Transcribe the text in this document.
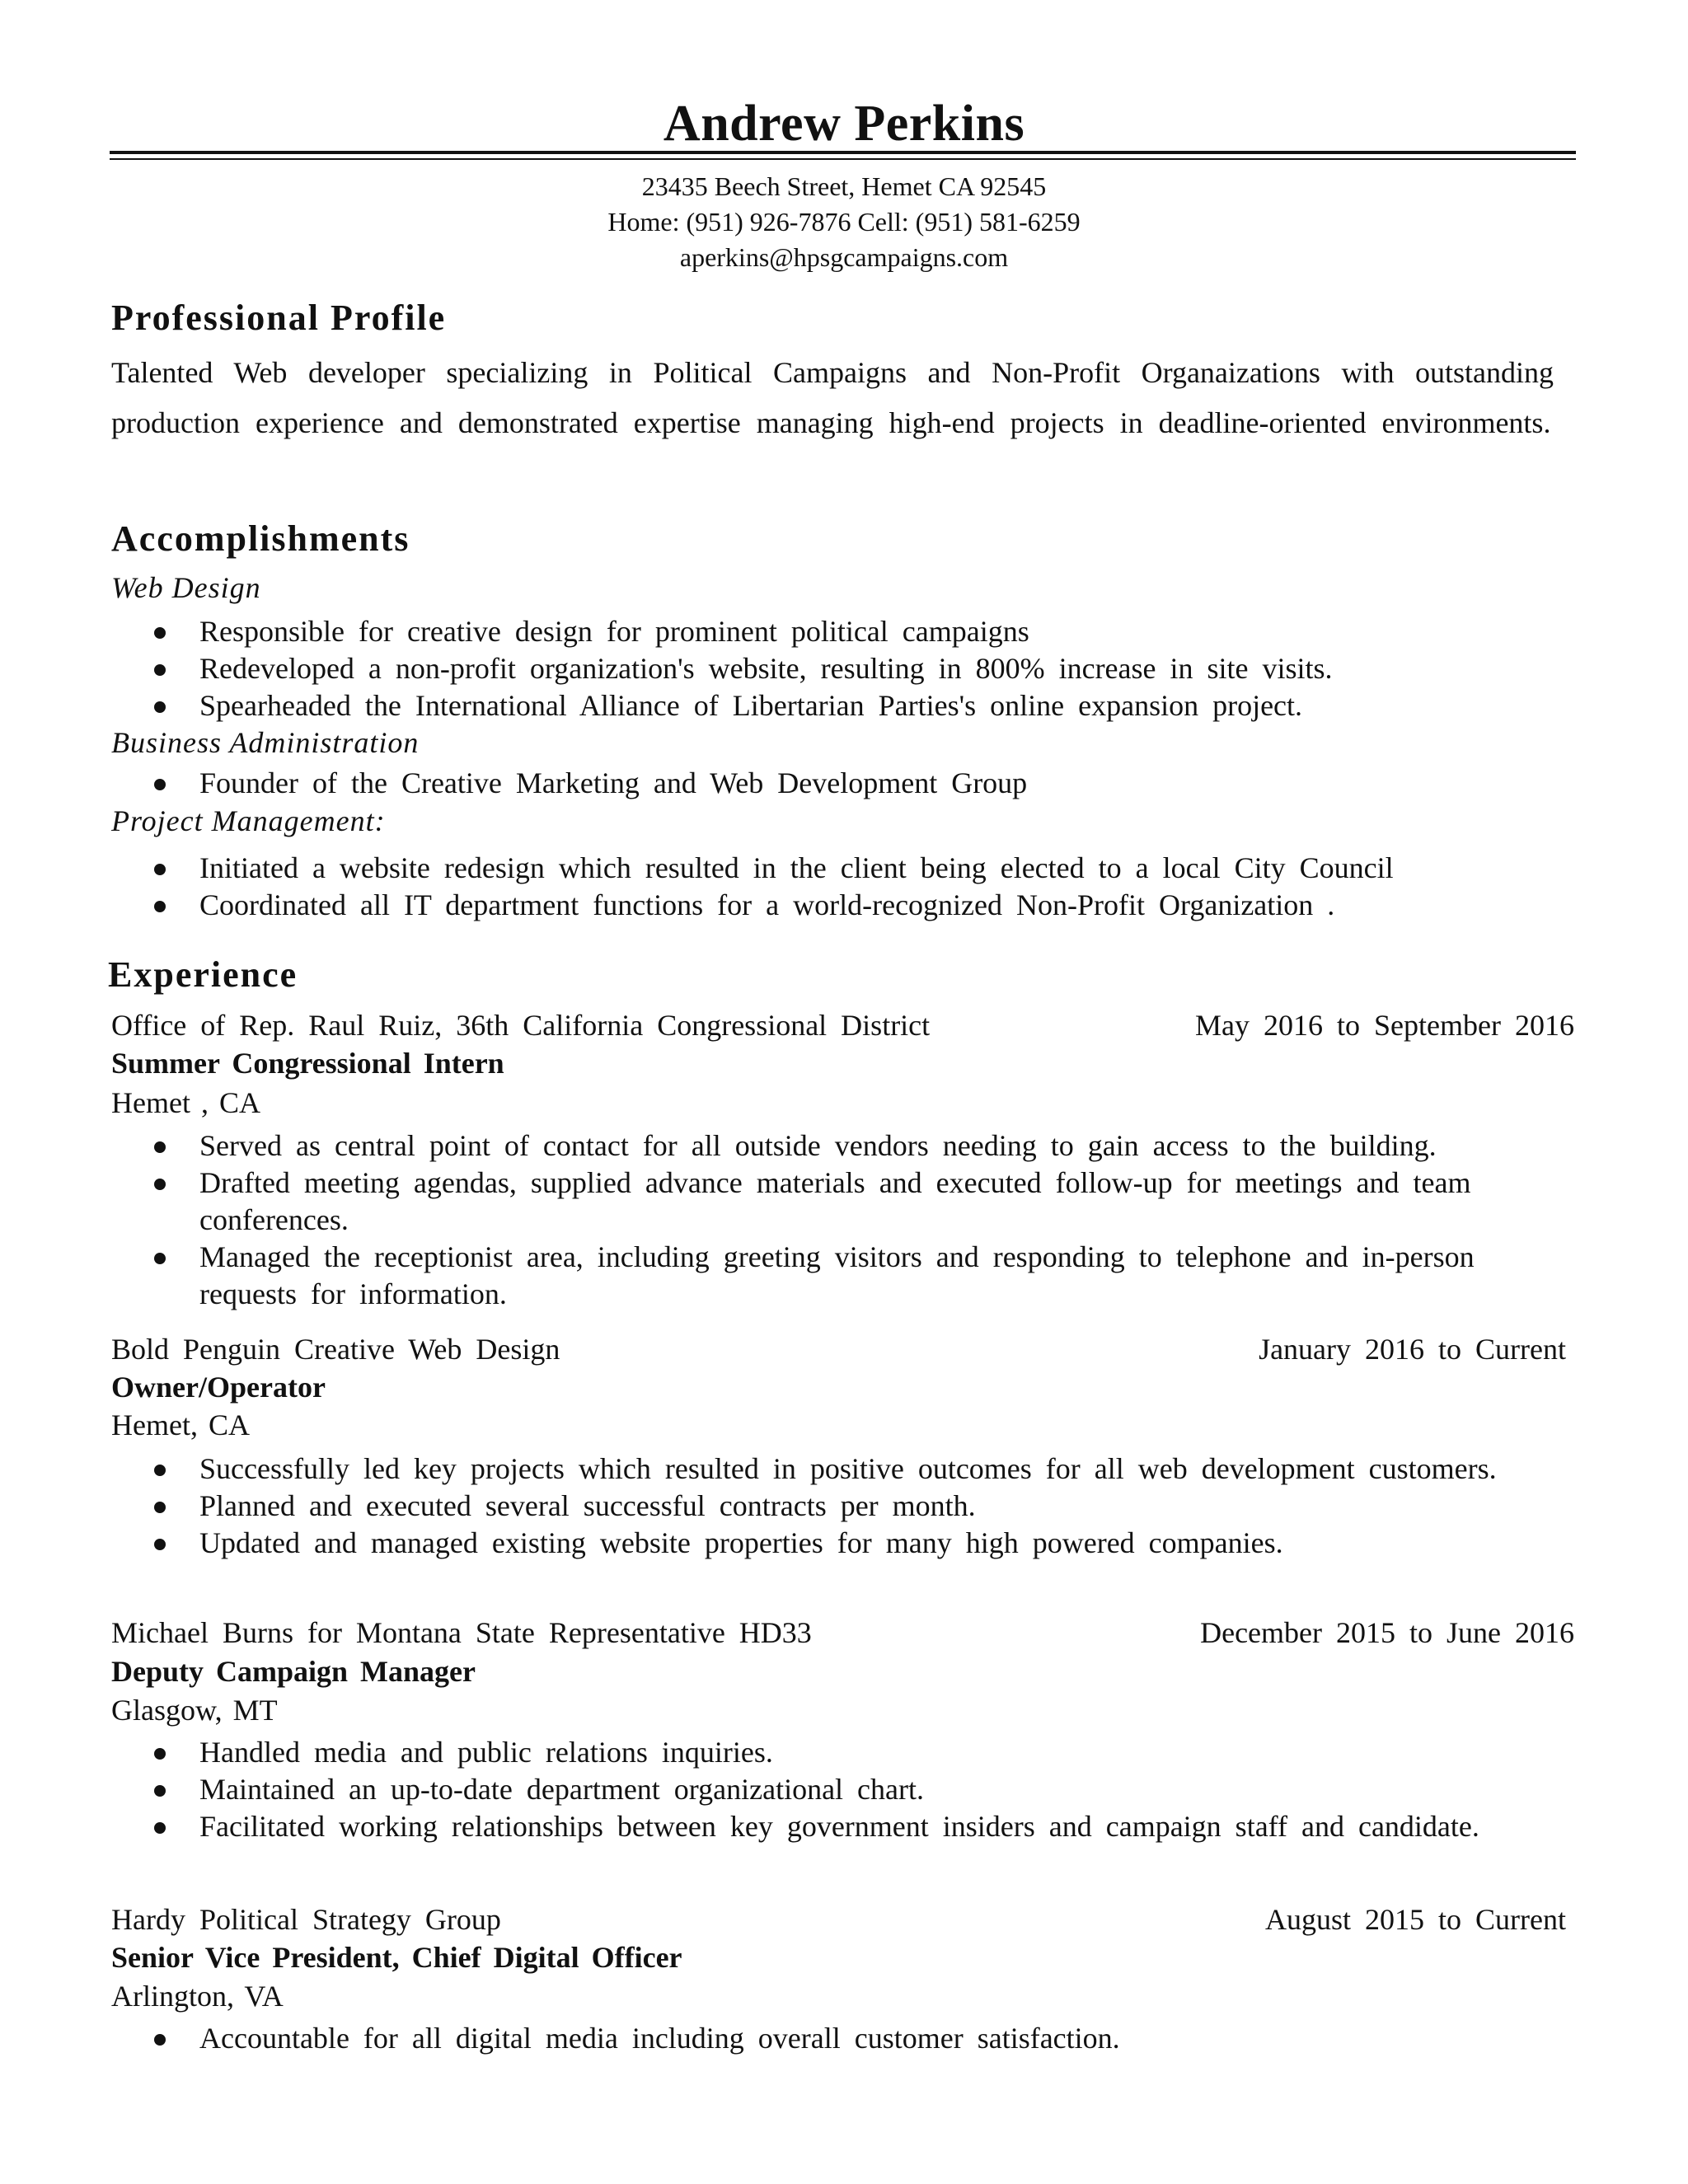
Andrew Perkins
23435 Beech Street, Hemet CA 92545
Home: (951) 926-7876 Cell: (951) 581-6259
aperkins@hpsgcampaigns.com
Professional Profile
Talented Web developer specializing in Political Campaigns and Non-Profit Organaizations with outstanding production experience and demonstrated expertise managing high-end projects in deadline-oriented environments.
Accomplishments
Web Design
Responsible for creative design for prominent political campaigns
Redeveloped a non-profit organization's website, resulting in 800% increase in site visits.
Spearheaded the International Alliance of Libertarian Parties's online expansion project.
Business Administration
Founder of the Creative Marketing and Web Development Group
Project Management:
Initiated a website redesign which resulted in the client being elected to a local City Council
Coordinated all IT department functions for a world-recognized Non-Profit Organization .
Experience
Office of Rep. Raul Ruiz, 36th California Congressional District	May 2016 to September 2016
Summer Congressional Intern
Hemet , CA
Served as central point of contact for all outside vendors needing to gain access to the building.
Drafted meeting agendas, supplied advance materials and executed follow-up for meetings and team conferences.
Managed the receptionist area, including greeting visitors and responding to telephone and in-person requests for information.
Bold Penguin Creative Web Design	January 2016 to Current
Owner/Operator
Hemet, CA
Successfully led key projects which resulted in positive outcomes for all web development customers.
Planned and executed several successful contracts per month.
Updated and managed existing website properties for many high powered companies.
Michael Burns for Montana State Representative HD33	December 2015 to June 2016
Deputy Campaign Manager
Glasgow, MT
Handled media and public relations inquiries.
Maintained an up-to-date department organizational chart.
Facilitated working relationships between key government insiders and campaign staff and candidate.
Hardy Political Strategy Group	August 2015 to Current
Senior Vice President, Chief Digital Officer
Arlington, VA
Accountable for all digital media including overall customer satisfaction.
